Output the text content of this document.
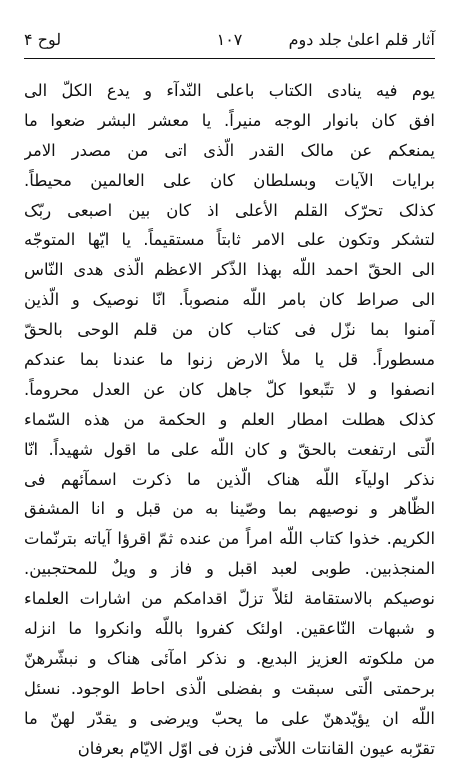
آثار قلم اعلیٰ جلد دوم
١٠٧
لوح ۴
یوم فیه ینادی الکتاب باعلی النّدآء و یدع الکلّ الی
افق کان بانوار الوجه منیراً. یا معشر البشر ضعوا ما
یمنعکم عن مالک القدر الّذی اتی من مصدر الامر
برایات الآیات وبسلطان کان علی العالمین محیطاً.
کذلک تحرّک القلم الأعلی اذ کان بین اصبعی ربّک
لتشکر وتکون علی الامر ثابتاً مستقیماً. یا ایّها المتوجّه
الی الحقّ احمد اللّه بهذا الذّکر الاعظم الّذی هدی النّاس
الی صراط کان بامر اللّه منصوباً. انّا نوصیک و الّذین
آمنوا بما نزّل فی کتاب کان من قلم الوحی بالحقّ
مسطوراً. قل یا ملأ الارض زنوا ما عندنا بما عندکم
انصفوا و لا تتّبعوا کلّ جاهل کان عن العدل محروماً.
کذلک هطلت امطار العلم و الحکمة من هذه السّماء
الّتی ارتفعت بالحقّ و کان اللّه علی ما اقول شهیداً. انّا
نذکر اولیآء اللّه هناک الّذین ما ذکرت اسمآئهم فی
الظّاهر و نوصیهم بما وصّینا به من قبل و انا المشفق
الکریم. خذوا کتاب اللّه امراً من عنده ثمّ اقرؤا آیاته بترنّمات
المنجذبین. طوبی لعبد اقبل و فاز و ویلٌ للمحتجبین.
نوصیکم بالاستقامة لئلاّ تزلّ اقدامکم من اشارات العلماء
و شبهات النّاعقین. اولئک کفروا باللّه وانکروا ما انزله
من ملکوته العزیز البدیع. و نذکر امآئی هناک و نبشّرهنّ
برحمتی الّتی سبقت و بفضلی الّذی احاط الوجود. نسئل
اللّه ان یؤیّدهنّ علی ما یحبّ ویرضی و یقدّر لهنّ ما
تقرّبه عیون القانتات اللاّتی فزن فی اوّل الایّام بعرفان
